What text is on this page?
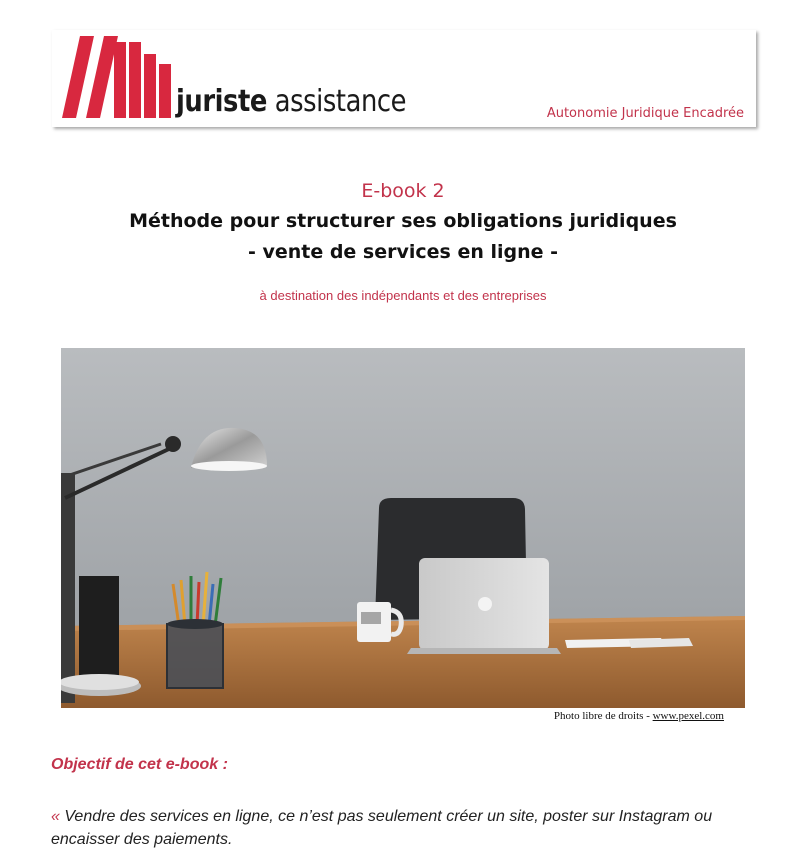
juriste assistance	Autonomie Juridique Encadrée
E-book 2
Méthode pour structurer ses obligations juridiques
- vente de services en ligne -
à destination des indépendants et des entreprises
Photo libre de droits - www.pexel.com
Objectif de cet e-book :
« Vendre des services en ligne, ce n’est pas seulement créer un site, poster sur Instagram ou encaisser des paiements.
